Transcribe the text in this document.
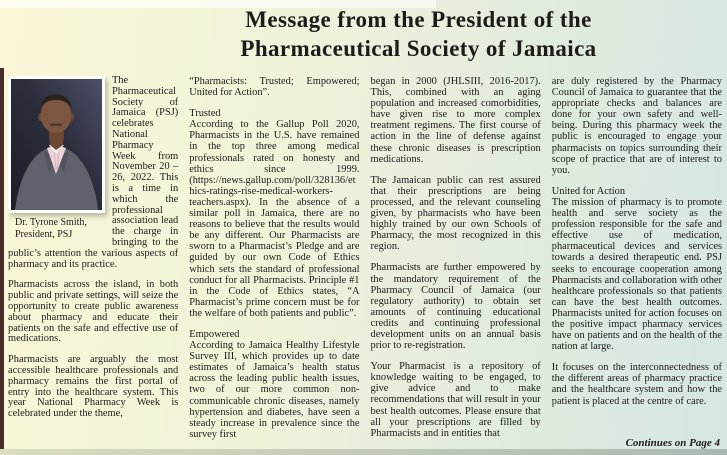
Message from the President of the
Pharmaceutical Society of Jamaica
Dr. Tyrone Smith,
President, PSJ

The Pharmaceutical Society of Jamaica (PSJ) celebrates National Pharmacy Week from November 20 – 26, 2022. This is a time in which the professional association lead the charge in bringing to the public’s attention the various aspects of pharmacy and its practice.

Pharmacists across the island, in both public and private settings, will seize the opportunity to create public awareness about pharmacy and educate their patients on the safe and effective use of medications.

Pharmacists are arguably the most accessible healthcare professionals and pharmacy remains the first portal of entry into the healthcare system. This year National Pharmacy Week is celebrated under the theme,

“Pharmacists: Trusted; Empowered; United for Action”.

Trusted

According to the Gallup Poll 2020, Pharmacists in the U.S. have remained in the top three among medical professionals rated on honesty and ethics since 1999. (https://news.gallup.com/poll/328136/ethics-ratings-rise-medical-workers-teachers.aspx). In the absence of a similar poll in Jamaica, there are no reasons to believe that the results would be any different. Our Pharmacists are sworn to a Pharmacist’s Pledge and are guided by our own Code of Ethics which sets the standard of professional conduct for all Pharmacists. Principle #1 in the Code of Ethics states, “A Pharmacist’s prime concern must be for the welfare of both patients and public”.

Empowered

According to Jamaica Healthy Lifestyle Survey III, which provides up to date estimates of Jamaica’s health status across the leading public health issues, two of our more common non-communicable chronic diseases, namely hypertension and diabetes, have seen a steady increase in prevalence since the survey first

began in 2000 (JHLSIII, 2016-2017). This, combined with an aging population and increased comorbidities, have given rise to more complex treatment regimens. The first course of action in the line of defense against these chronic diseases is prescription medications.

The Jamaican public can rest assured that their prescriptions are being processed, and the relevant counseling given, by pharmacists who have been highly trained by our own Schools of Pharmacy, the most recognized in this region.

Pharmacists are further empowered by the mandatory requirement of the Pharmacy Council of Jamaica (our regulatory authority) to obtain set amounts of continuing educational credits and continuing professional development units on an annual basis prior to re-registration.

Your Pharmacist is a repository of knowledge waiting to be engaged, to give advice and to make recommendations that will result in your best health outcomes. Please ensure that all your prescriptions are filled by Pharmacists and in entities that

are duly registered by the Pharmacy Council of Jamaica to guarantee that the appropriate checks and balances are done for your own safety and well-being. During this pharmacy week the public is encouraged to engage your pharmacists on topics surrounding their scope of practice that are of interest to you.

United for Action

The mission of pharmacy is to promote health and serve society as the profession responsible for the safe and effective use of medication, pharmaceutical devices and services towards a desired therapeutic end. PSJ seeks to encourage cooperation among Pharmacists and collaboration with other healthcare professionals so that patients can have the best health outcomes. Pharmacists united for action focuses on the positive impact pharmacy services have on patients and on the health of the nation at large.

It focuses on the interconnectedness of the different areas of pharmacy practice and the healthcare system and how the patient is placed at the centre of care.

Continues on Page 4
